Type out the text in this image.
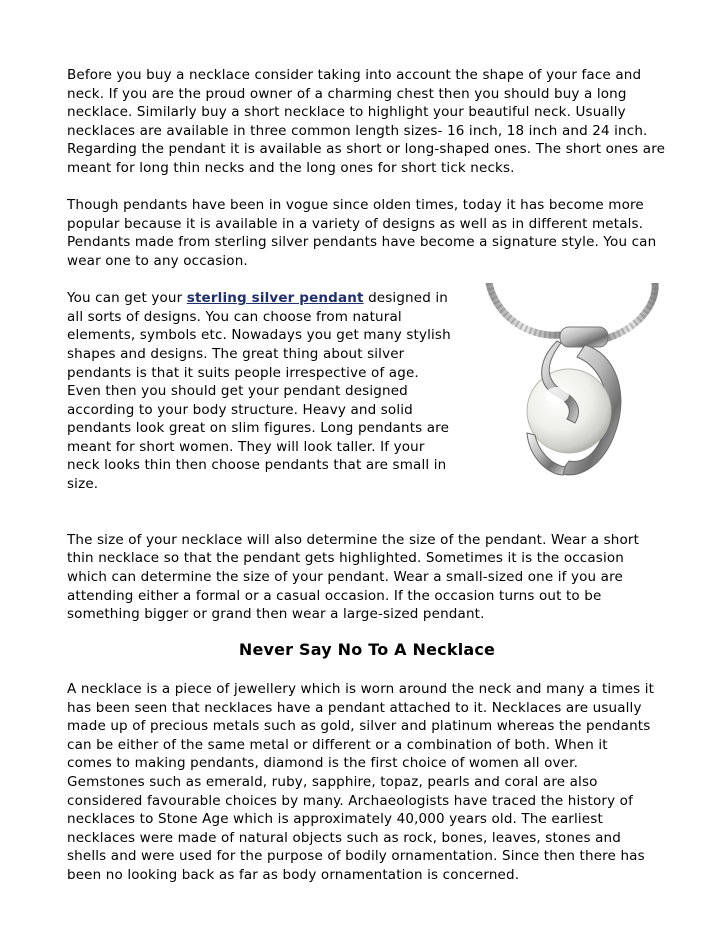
Before you buy a necklace consider taking into account the shape of your face and neck. If you are the proud owner of a charming chest then you should buy a long necklace. Similarly buy a short necklace to highlight your beautiful neck. Usually necklaces are available in three common length sizes- 16 inch, 18 inch and 24 inch. Regarding the pendant it is available as short or long-shaped ones. The short ones are meant for long thin necks and the long ones for short tick necks.

Though pendants have been in vogue since olden times, today it has become more popular because it is available in a variety of designs as well as in different metals. Pendants made from sterling silver pendants have become a signature style. You can wear one to any occasion.

You can get your sterling silver pendant designed in all sorts of designs. You can choose from natural elements, symbols etc. Nowadays you get many stylish shapes and designs. The great thing about silver pendants is that it suits people irrespective of age. Even then you should get your pendant designed according to your body structure. Heavy and solid pendants look great on slim figures. Long pendants are meant for short women. They will look taller. If your neck looks thin then choose pendants that are small in size.

The size of your necklace will also determine the size of the pendant. Wear a short thin necklace so that the pendant gets highlighted. Sometimes it is the occasion which can determine the size of your pendant. Wear a small-sized one if you are attending either a formal or a casual occasion. If the occasion turns out to be something bigger or grand then wear a large-sized pendant.

Never Say No To A Necklace

A necklace is a piece of jewellery which is worn around the neck and many a times it has been seen that necklaces have a pendant attached to it. Necklaces are usually made up of precious metals such as gold, silver and platinum whereas the pendants can be either of the same metal or different or a combination of both. When it comes to making pendants, diamond is the first choice of women all over. Gemstones such as emerald, ruby, sapphire, topaz, pearls and coral are also considered favourable choices by many. Archaeologists have traced the history of necklaces to Stone Age which is approximately 40,000 years old. The earliest necklaces were made of natural objects such as rock, bones, leaves, stones and shells and were used for the purpose of bodily ornamentation. Since then there has been no looking back as far as body ornamentation is concerned.
